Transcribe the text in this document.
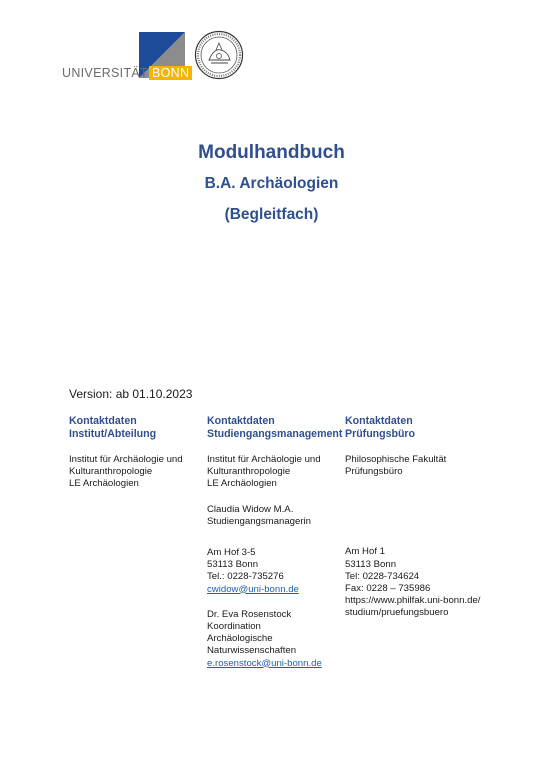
UNIVERSITÄT BONN
Modulhandbuch
B.A. Archäologien
(Begleitfach)
Version: ab 01.10.2023
Kontaktdaten
Institut/Abteilung
Institut für Archäologie und
Kulturanthropologie
LE Archäologien
Kontaktdaten
Studiengangsmanagement
Institut für Archäologie und
Kulturanthropologie
LE Archäologien
Claudia Widow M.A.
Studiengangsmanagerin
Am Hof 3-5
53113 Bonn
Tel.: 0228-735276
cwidow@uni-bonn.de
Dr. Eva Rosenstock
Koordination
Archäologische
Naturwissenschaften
e.rosenstock@uni-bonn.de
Kontaktdaten
Prüfungsbüro
Philosophische Fakultät
Prüfungsbüro
Am Hof 1
53113 Bonn
Tel: 0228-734624
Fax: 0228 – 735986
https://www.philfak.uni-bonn.de/
studium/pruefungsbuero
